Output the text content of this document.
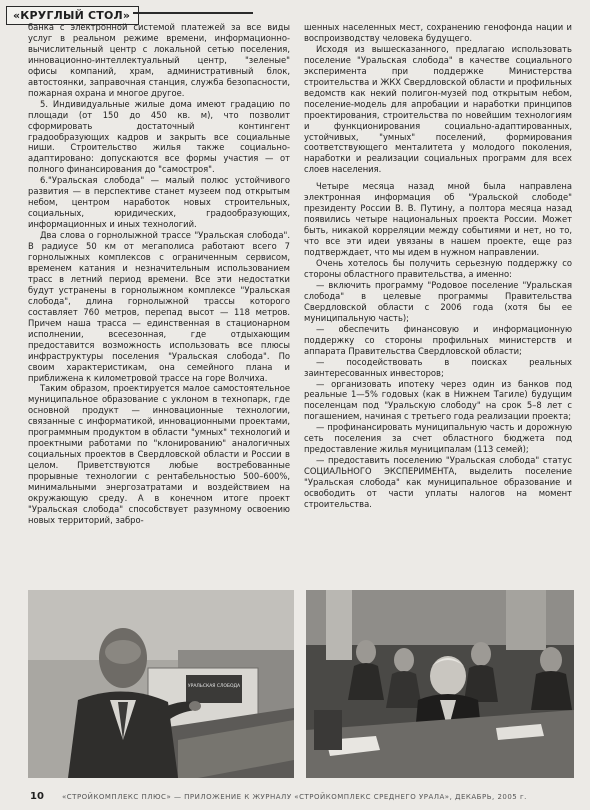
«КРУГЛЫЙ СТОЛ»

банка с электронной системой платежей за все виды услуг в реальном режиме времени, информационно-вычислительный центр с локальной сетью поселения, инновационно-интеллектуальный центр, "зеленые" офисы компаний, храм, административный блок, автостоянки, заправочная станция, служба безопасности, пожарная охрана и многое другое.

5. Индивидуальные жилые дома имеют градацию по площади (от 150 до 450 кв. м), что позволит сформировать достаточный контингент градообразующих кадров и закрыть все социальные ниши. Строительство жилья также социально-адаптировано: допускаются все формы участия — от полного финансирования до "самостроя".

6."Уральская слобода" — малый полюс устойчивого развития — в перспективе станет музеем под открытым небом, центром наработок новых строительных, социальных, юридических, градообразующих, информационных и иных технологий.

Два слова о горнолыжной трассе "Уральская слобода". В радиусе 50 км от мегаполиса работают всего 7 горнолыжных комплексов с ограниченным сервисом, временем катания и незначительным использованием трасс в летний период времени. Все эти недостатки будут устранены в горнолыжном комплексе "Уральская слобода", длина горнолыжной трассы которого составляет 760 метров, перепад высот — 118 метров. Причем наша трасса — единственная в стационарном исполнении, всесезонная, где отдыхающим предоставится возможность использовать все плюсы инфраструктуры поселения "Уральская слобода". По своим характеристикам, она семейного плана и приближена к километровой трассе на горе Волчиха.

Таким образом, проектируется малое самостоятельное муниципальное образование с уклоном в технопарк, где основной продукт — инновационные технологии, связанные с информатикой, инновационными проектами, программным продуктом в области "умных" технологий и проектными работами по "клонированию" аналогичных социальных проектов в Свердловской области и России в целом. Приветствуются любые востребованные прорывные технологии с рентабельностью 500–600%, минимальными энергозатратами и воздействием на окружающую среду. А в конечном итоге проект "Уральская слобода" способствует разумному освоению новых территорий, забро-

шенных населенных мест, сохранению генофонда нации и воспроизводству человека будущего.

Исходя из вышесказанного, предлагаю использовать поселение "Уральская слобода" в качестве социального эксперимента при поддержке Министерства строительства и ЖКХ Свердловской области и профильных ведомств как некий полигон-музей под открытым небом, поселение-модель для апробации и наработки принципов проектирования, строительства по новейшим технологиям и функционирования социально-адаптированных, устойчивых, "умных" поселений, формирования соответствующего менталитета у молодого поколения, наработки и реализации социальных программ для всех слоев населения.

Четыре месяца назад мной была направлена электронная информация об "Уральской слободе" президенту России В. В. Путину, а полтора месяца назад появились четыре национальных проекта России. Может быть, никакой корреляции между событиями и нет, но то, что все эти идеи увязаны в нашем проекте, еще раз подтверждает, что мы идем в нужном направлении.

Очень хотелось бы получить серьезную поддержку со стороны областного правительства, а именно:

— включить программу "Родовое поселение "Уральская слобода" в целевые программы Правительства Свердловской области с 2006 года (хотя бы ее муниципальную часть);

— обеспечить финансовую и информационную поддержку со стороны профильных министерств и аппарата Правительства Свердловской области;

— посодействовать в поисках реальных заинтересованных инвесторов;

— организовать ипотеку через один из банков под реальные 1—5% годовых (как в Нижнем Тагиле) будущим поселенцам под "Уральскую слободу" на срок 5–8 лет с погашением, начиная с третьего года реализации проекта;

— профинансировать муниципальную часть и дорожную сеть поселения за счет областного бюджета под предоставление жилья муниципалам (113 семей);

— предоставить поселению "Уральская слобода" статус СОЦИАЛЬНОГО ЭКСПЕРИМЕНТА, выделить поселение "Уральская слобода" как муниципальное образование и освободить от части уплаты налогов на момент строительства.

УРАЛЬСКАЯ СЛОБОДА
10	«СТРОЙКОМПЛЕКС ПЛЮС» — ПРИЛОЖЕНИЕ К ЖУРНАЛУ «СТРОЙКОМПЛЕКС СРЕДНЕГО УРАЛА», ДЕКАБРЬ, 2005 г.
